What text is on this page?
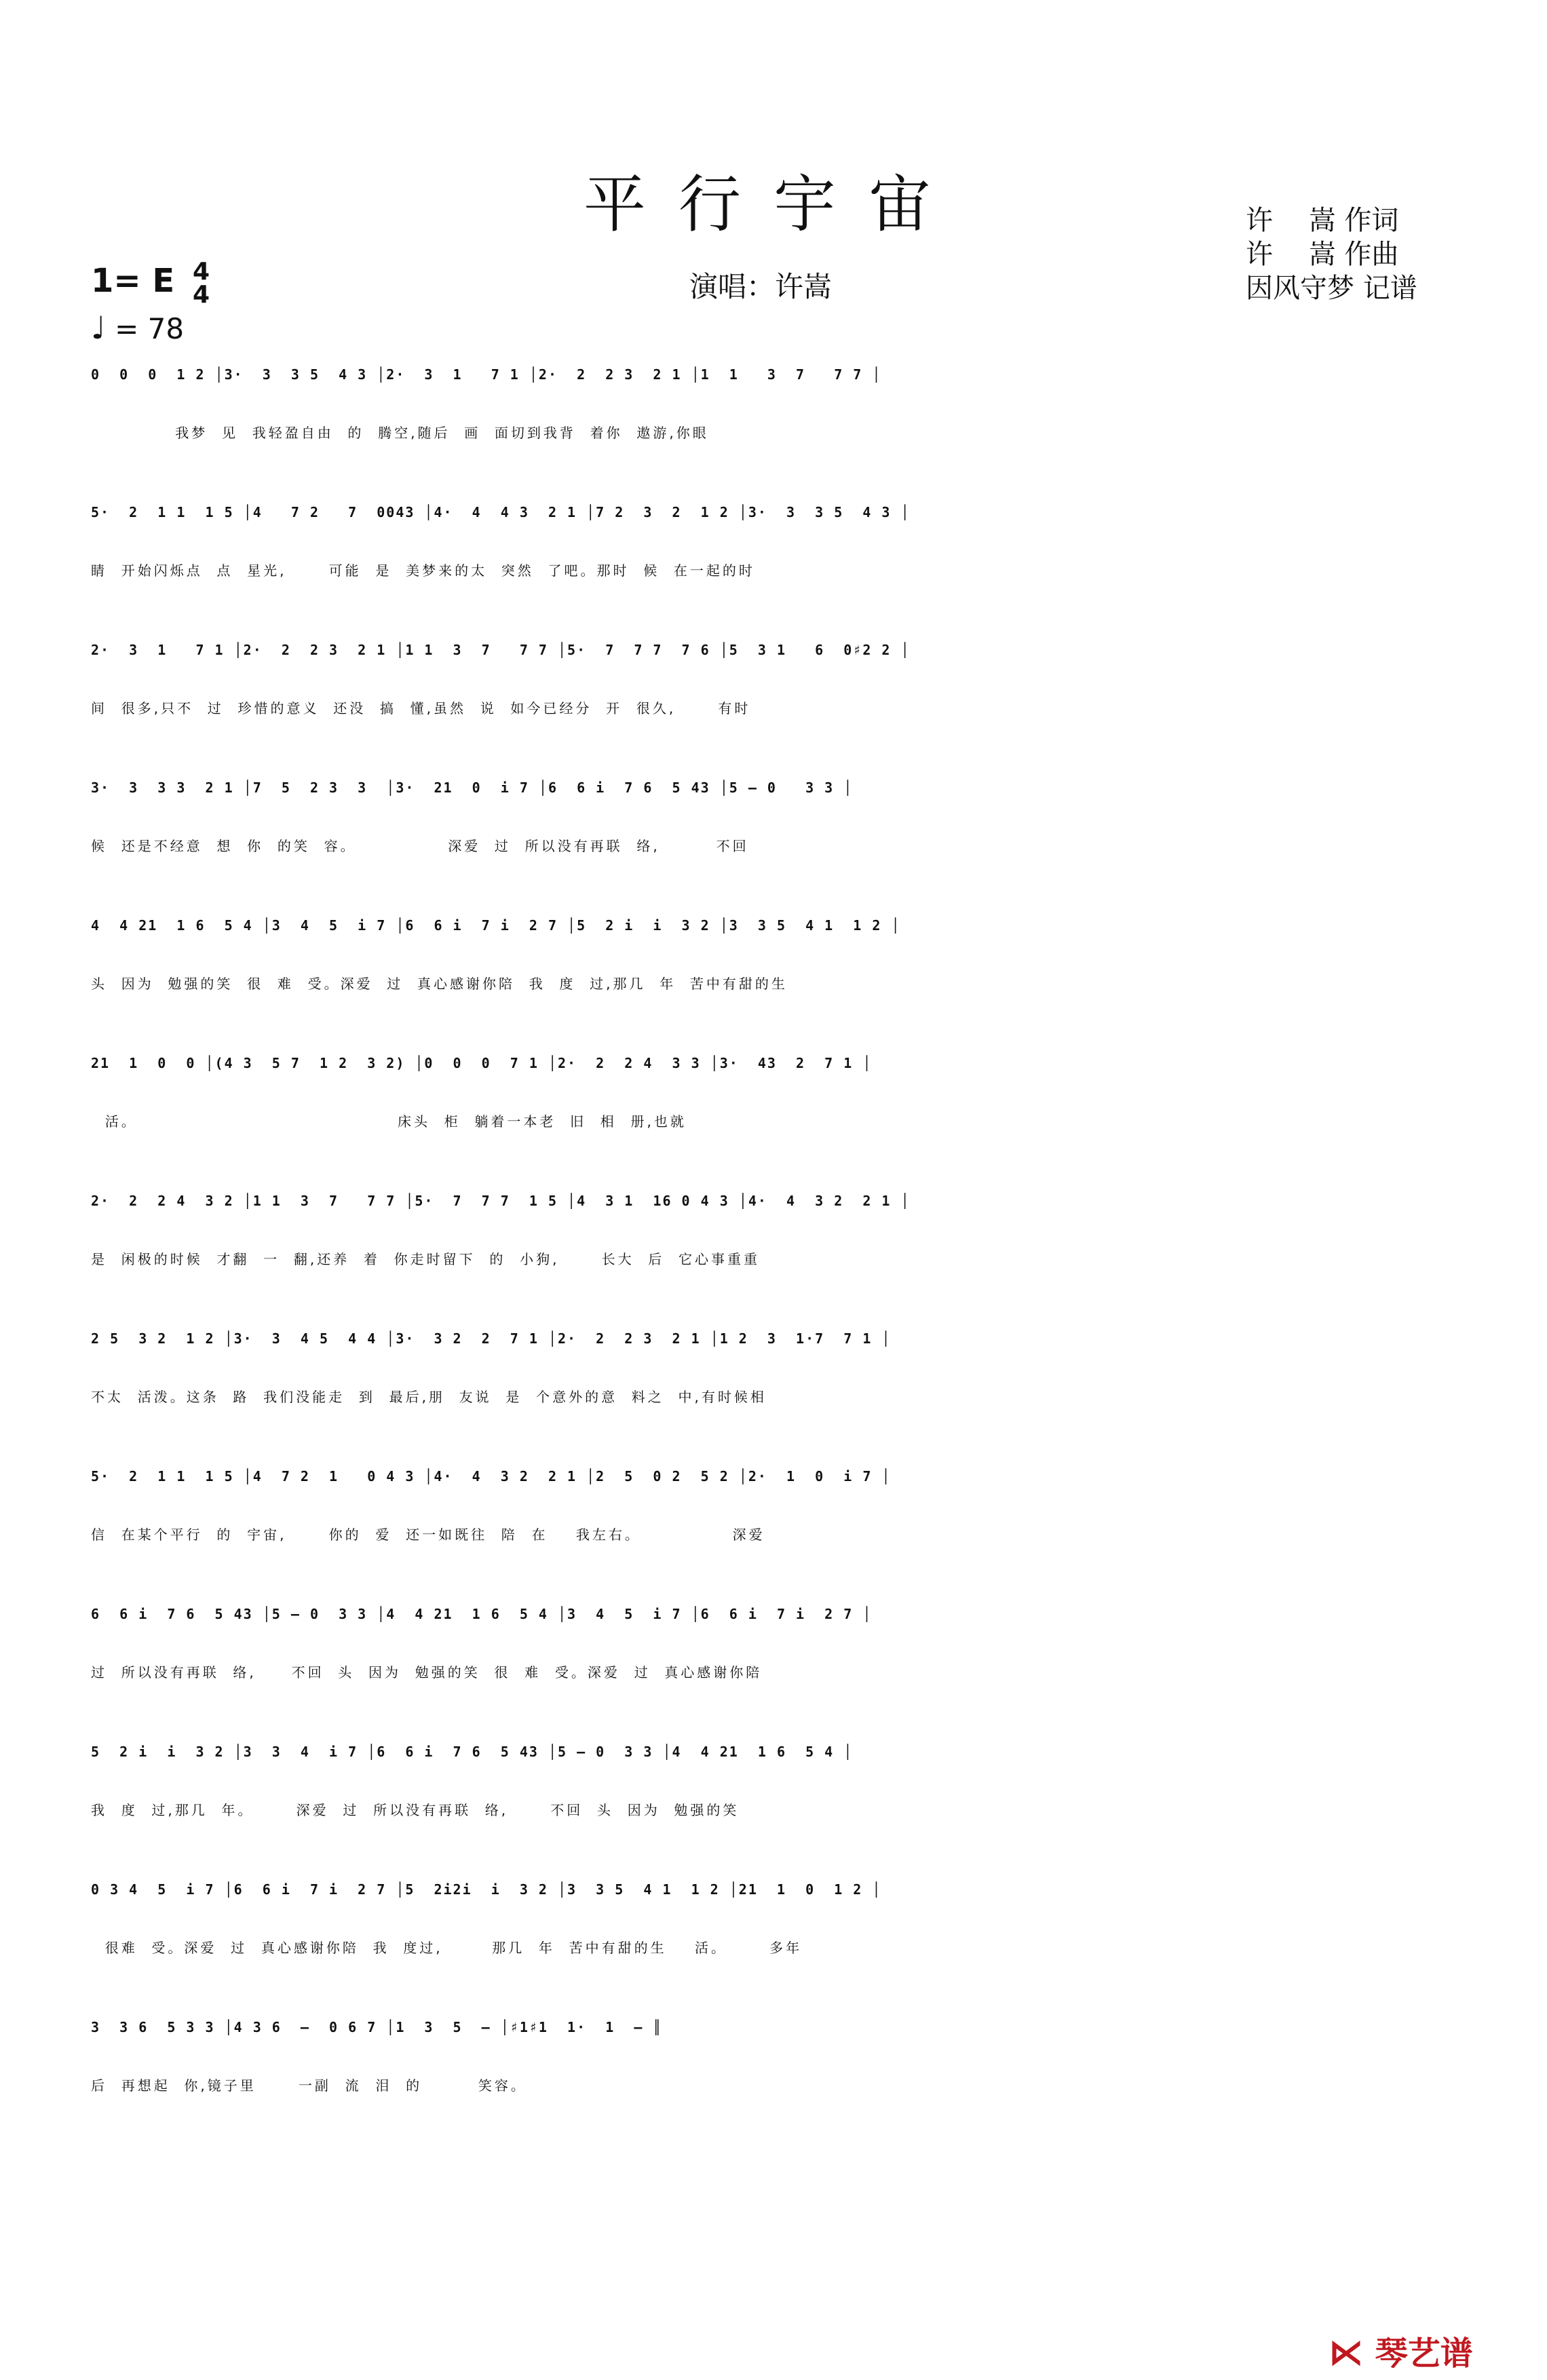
平行宇宙
演唱：许嵩
许　 嵩 作词
许　 嵩 作曲
因风守梦 记谱
1= E 4
4
♩ = 78
0  0  0  1 2 │3·  3  3 5  4 3 │2·  3  1   7 1 │2·  2  2 3  2 1 │1  1   3  7   7 7 │
我梦  见  我轻盈自由  的  腾空,随后  画  面切到我背  着你  遨游,你眼
5·  2  1 1  1 5 │4   7 2   7  0043 │4·  4  4 3  2 1 │7 2  3  2  1 2 │3·  3  3 5  4 3 │
睛  开始闪烁点  点  星光,      可能  是  美梦来的太  突然  了吧。那时  候  在一起的时
2·  3  1   7 1 │2·  2  2 3  2 1 │1 1  3  7   7 7 │5·  7  7 7  7 6 │5  3 1   6  0♯2 2 │
间  很多,只不  过  珍惜的意义  还没  搞  懂,虽然  说  如今已经分  开  很久,      有时
3·  3  3 3  2 1 │7  5  2 3  3  │3·  21  0  i 7 │6  6 i  7 6  5 43 │5 – 0   3 3 │
候  还是不经意  想  你  的笑  容。             深爱  过  所以没有再联  络,        不回
4  4 21  1 6  5 4 │3  4  5  i 7 │6  6 i  7 i  2 7 │5  2 i  i  3 2 │3  3 5  4 1  1 2 │
头  因为  勉强的笑  很  难  受。深爱  过  真心感谢你陪  我  度  过,那几  年  苦中有甜的生
21  1  0  0 │(4 3  5 7  1 2  3 2) │0  0  0  7 1 │2·  2  2 4  3 3 │3·  43  2  7 1 │
活。                                     床头  柜  躺着一本老  旧  相  册,也就
2·  2  2 4  3 2 │1 1  3  7   7 7 │5·  7  7 7  1 5 │4  3 1  16 0 4 3 │4·  4  3 2  2 1 │
是  闲极的时候  才翻  一  翻,还养  着  你走时留下  的  小狗,      长大  后  它心事重重
2 5  3 2  1 2 │3·  3  4 5  4 4 │3·  3 2  2  7 1 │2·  2  2 3  2 1 │1 2  3  1·7  7 1 │
不太  活泼。这条  路  我们没能走  到  最后,朋  友说  是  个意外的意  料之  中,有时候相
5·  2  1 1  1 5 │4  7 2  1   0 4 3 │4·  4  3 2  2 1 │2  5  0 2  5 2 │2·  1  0  i 7 │
信  在某个平行  的  宇宙,      你的  爱  还一如既往  陪  在    我左右。             深爱
6  6 i  7 6  5 43 │5 – 0  3 3 │4  4 21  1 6  5 4 │3  4  5  i 7 │6  6 i  7 i  2 7 │
过  所以没有再联  络,     不回  头  因为  勉强的笑  很  难  受。深爱  过  真心感谢你陪
5  2 i  i  3 2 │3  3  4  i 7 │6  6 i  7 6  5 43 │5 – 0  3 3 │4  4 21  1 6  5 4 │
我  度  过,那几  年。      深爱  过  所以没有再联  络,      不回  头  因为  勉强的笑
0 3 4  5  i 7 │6  6 i  7 i  2 7 │5  2i2i  i  3 2 │3  3 5  4 1  1 2 │21  1  0  1 2 │
很难  受。深爱  过  真心感谢你陪  我  度过,       那几  年  苦中有甜的生    活。      多年
3  3 6  5 3 3 │4 3 6  –  0 6 7 │1  3  5  – │♯1♯1  1·  1  – ║
后  再想起  你,镜子里      一副  流  泪  的        笑容。
⋉ 琴艺谱
